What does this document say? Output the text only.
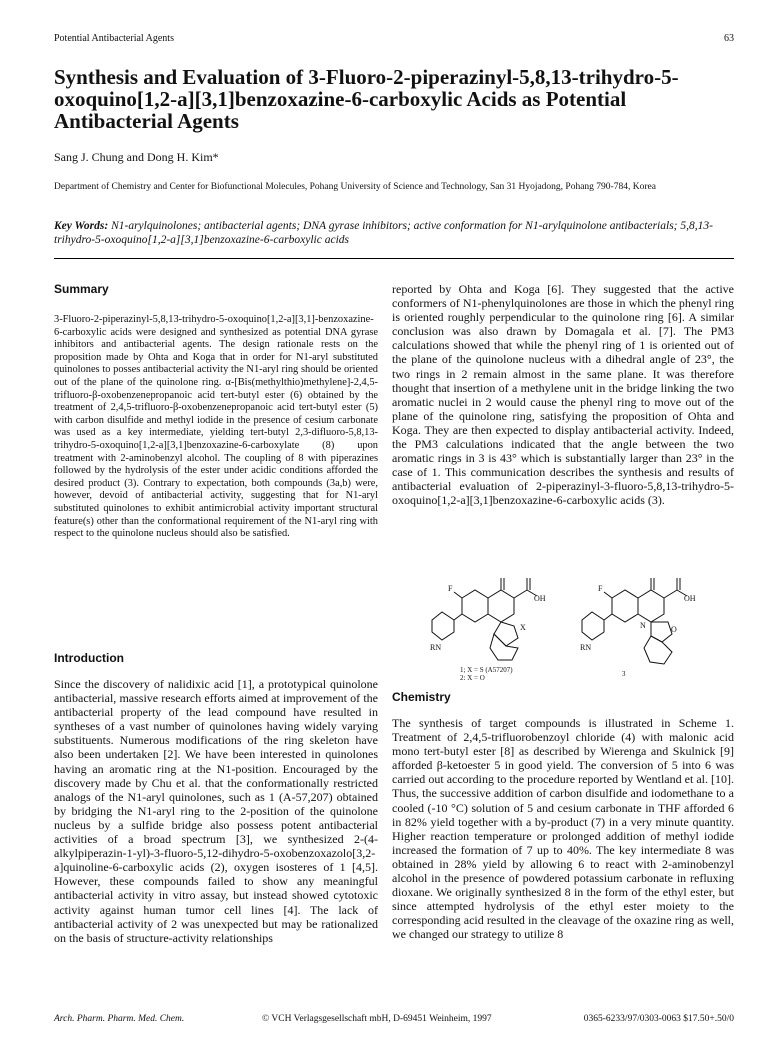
Potential Antibacterial Agents	63
Synthesis and Evaluation of 3-Fluoro-2-piperazinyl-5,8,13-trihydro-5-oxoquino[1,2-a][3,1]benzoxazine-6-carboxylic Acids as Potential Antibacterial Agents
Sang J. Chung and Dong H. Kim*
Department of Chemistry and Center for Biofunctional Molecules, Pohang University of Science and Technology, San 31 Hyojadong, Pohang 790-784, Korea
Key Words: N1-arylquinolones; antibacterial agents; DNA gyrase inhibitors; active conformation for N1-arylquinolone antibacterials; 5,8,13-trihydro-5-oxoquino[1,2-a][3,1]benzoxazine-6-carboxylic acids
Summary

3-Fluoro-2-piperazinyl-5,8,13-trihydro-5-oxoquino[1,2-a][3,1]-benzoxazine-6-carboxylic acids were designed and synthesized as potential DNA gyrase inhibitors and antibacterial agents. The design rationale rests on the proposition made by Ohta and Koga that in order for N1-aryl substituted quinolones to posses antibacterial activity the N1-aryl ring should be oriented out of the plane of the quinolone ring. α-[Bis(methylthio)methylene]-2,4,5-trifluoro-β-oxobenzenepropanoic acid tert-butyl ester (6) obtained by the treatment of 2,4,5-trifluoro-β-oxobenzenepropanoic acid tert-butyl ester (5) with carbon disulfide and methyl iodide in the presence of cesium carbonate was used as a key intermediate, yielding tert-butyl 2,3-difluoro-5,8,13-trihydro-5-oxoquino[1,2-a][3,1]benzoxazine-6-carboxylate (8) upon treatment with 2-aminobenzyl alcohol. The coupling of 8 with piperazines followed by the hydrolysis of the ester under acidic conditions afforded the desired product (3). Contrary to expectation, both compounds (3a,b) were, however, devoid of antibacterial activity, suggesting that for N1-aryl substituted quinolones to exhibit antimicrobial activity important structural feature(s) other than the conformational requirement of the N1-aryl ring with respect to the quinolone nucleus should also be satisfied.

Introduction

Since the discovery of nalidixic acid [1], a prototypical quinolone antibacterial, massive research efforts aimed at improvement of the antibacterial property of the lead compound have resulted in syntheses of a vast number of quinolones having widely varying substituents. Numerous modifications of the ring skeleton have also been undertaken [2]. We have been interested in quinolones having an aromatic ring at the N1-position. Encouraged by the discovery made by Chu et al. that the conformationally restricted analogs of the N1-aryl quinolones, such as 1 (A-57,207) obtained by bridging the N1-aryl ring to the 2-position of the quinolone nucleus by a sulfide bridge also possess potent antibacterial activities of a broad spectrum [3], we synthesized 2-(4-alkylpiperazin-1-yl)-3-fluoro-5,12-dihydro-5-oxobenzoxazolo[3,2-a]quinoline-6-carboxylic acids (2), oxygen isosteres of 1 [4,5]. However, these compounds failed to show any meaningful antibacterial activity in vitro assay, but instead showed cytotoxic activity against human tumor cell lines [4]. The lack of antibacterial activity of 2 was unexpected but may be rationalized on the basis of structure-activity relationships

reported by Ohta and Koga [6]. They suggested that the active conformers of N1-phenylquinolones are those in which the phenyl ring is oriented roughly perpendicular to the quinolone ring [6]. A similar conclusion was also drawn by Domagala et al. [7]. The PM3 calculations showed that while the phenyl ring of 1 is oriented out of the plane of the quinolone nucleus with a dihedral angle of 23°, the two rings in 2 remain almost in the same plane. It was therefore thought that insertion of a methylene unit in the bridge linking the two aromatic nuclei in 2 would cause the phenyl ring to move out of the plane of the quinolone ring, satisfying the proposition of Ohta and Koga. They are then expected to display antibacterial activity. Indeed, the PM3 calculations indicated that the angle between the two aromatic rings in 3 is 43° which is substantially larger than 23° in the case of 1. This communication describes the synthesis and results of antibacterial evaluation of 2-piperazinyl-3-fluoro-5,8,13-trihydro-5-oxoquino[1,2-a][3,1]benzoxazine-6-carboxylic acids (3).

F
OH
RN
X
F
OH
RN
O
N
1; X = S (A57207)
2; X = O	3
Chemistry

The synthesis of target compounds is illustrated in Scheme 1. Treatment of 2,4,5-trifluorobenzoyl chloride (4) with malonic acid mono tert-butyl ester [8] as described by Wierenga and Skulnick [9] afforded β-ketoester 5 in good yield. The conversion of 5 into 6 was carried out according to the procedure reported by Wentland et al. [10]. Thus, the successive addition of carbon disulfide and iodomethane to a cooled (-10 °C) solution of 5 and cesium carbonate in THF afforded 6 in 82% yield together with a by-product (7) in a very minute quantity. Higher reaction temperature or prolonged addition of methyl iodide increased the formation of 7 up to 40%. The key intermediate 8 was obtained in 28% yield by allowing 6 to react with 2-aminobenzyl alcohol in the presence of powdered potassium carbonate in refluxing dioxane. We originally synthesized 8 in the form of the ethyl ester, but since attempted hydrolysis of the ethyl ester moiety to the corresponding acid resulted in the cleavage of the oxazine ring as well, we changed our strategy to utilize 8

Arch. Pharm. Pharm. Med. Chem.	© VCH Verlagsgesellschaft mbH, D-69451 Weinheim, 1997	0365-6233/97/0303-0063 $17.50+.50/0
